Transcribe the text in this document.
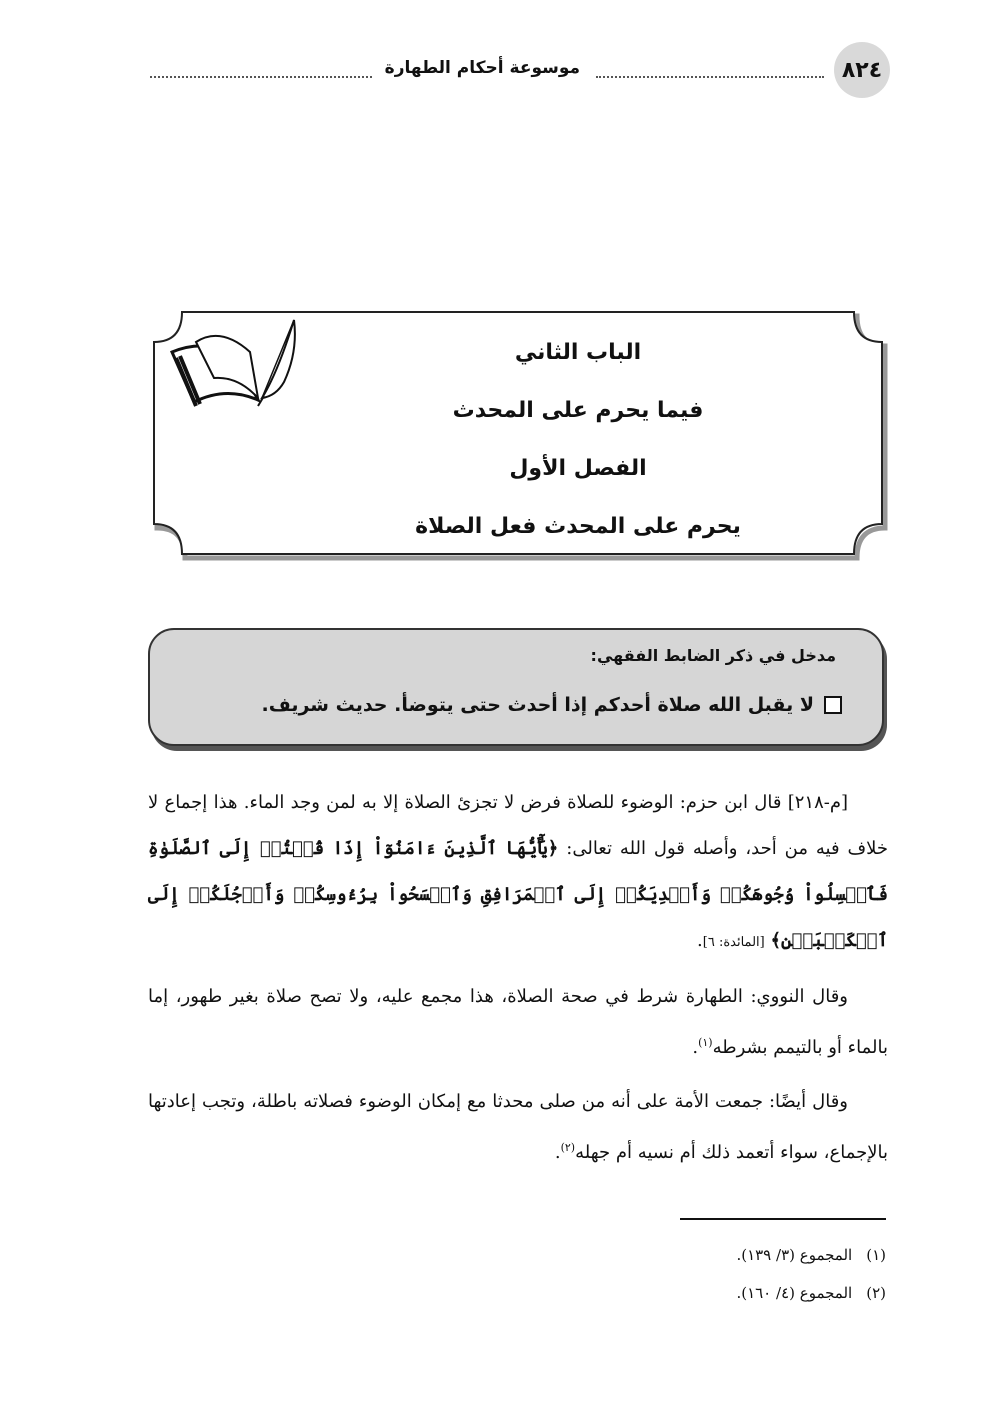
٨٢٤
موسوعة أحكام الطهارة
الباب الثاني
فيما يحرم على المحدث
الفصل الأول
يحرم على المحدث فعل الصلاة
مدخل في ذكر الضابط الفقهي:
لا يقبل الله صلاة أحدكم إذا أحدث حتى يتوضأ. حديث شريف.

[م-٢١٨] قال ابن حزم: الوضوء للصلاة فرض لا تجزئ الصلاة إلا به لمن وجد الماء. هذا إجماع لا خلاف فيه من أحد، وأصله قول الله تعالى: ﴿يَٰٓأَيُّهَا ٱلَّذِينَ ءَامَنُوٓاْ إِذَا قُمۡتُمۡ إِلَى ٱلصَّلَوٰةِ فَٱغۡسِلُواْ وُجُوهَكُمۡ وَأَيۡدِيَكُمۡ إِلَى ٱلۡمَرَافِقِ وَٱمۡسَحُواْ بِرُءُوسِكُمۡ وَأَرۡجُلَكُمۡ إِلَى ٱلۡكَعۡبَيۡنِ﴾ [المائدة: ٦].

وقال النووي: الطهارة شرط في صحة الصلاة، هذا مجمع عليه، ولا تصح صلاة بغير طهور، إما بالماء أو بالتيمم بشرطه$^{(١)}$.

وقال أيضًا: جمعت الأمة على أنه من صلى محدثا مع إمكان الوضوء فصلاته باطلة، وتجب إعادتها بالإجماع، سواء أتعمد ذلك أم نسيه أم جهله$^{(٢)}$.

(١)
المجموع (٣/ ١٣٩).
(٢)
المجموع (٤/ ١٦٠).
